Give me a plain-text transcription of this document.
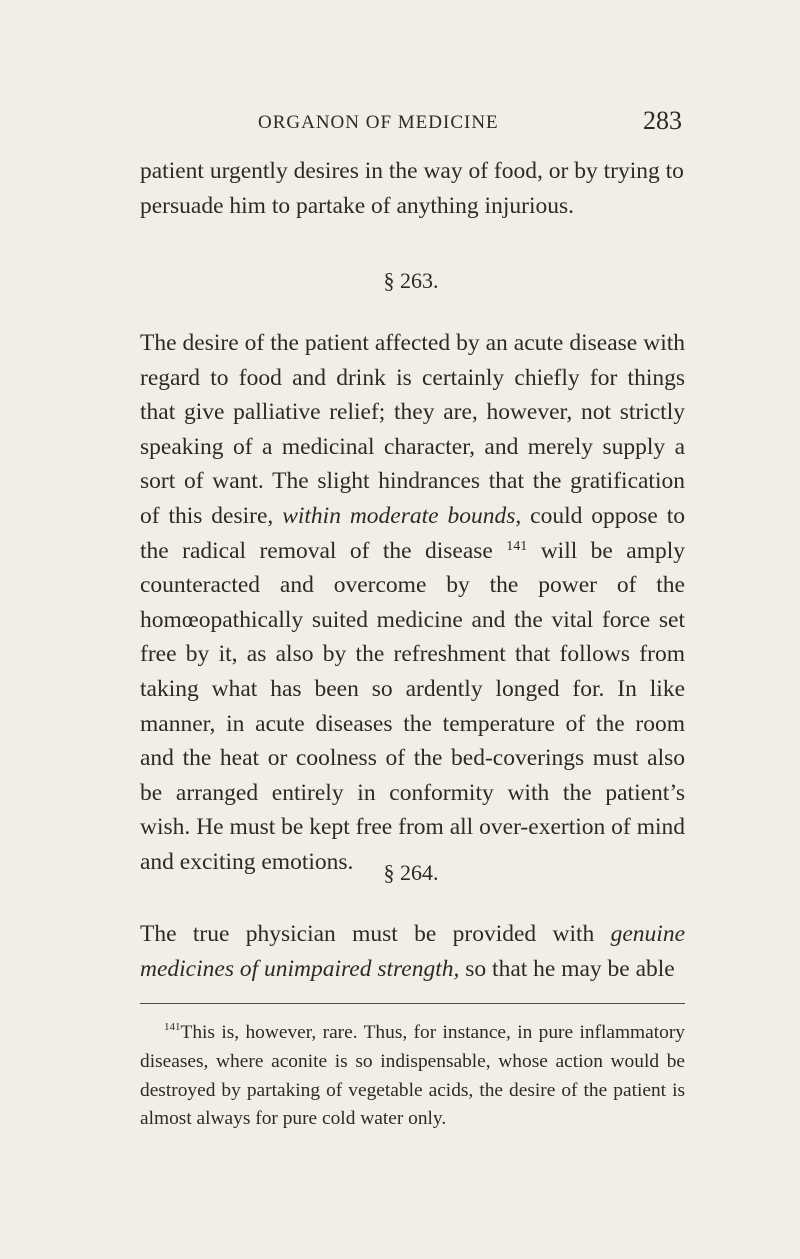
ORGANON OF MEDICINE	283

patient urgently desires in the way of food, or by trying to persuade him to partake of anything injurious.

§ 263.

The desire of the patient affected by an acute disease with regard to food and drink is certainly chiefly for things that give palliative relief; they are, however, not strictly speaking of a medicinal character, and merely supply a sort of want. The slight hindrances that the gratification of this desire, within moderate bounds, could oppose to the radical removal of the disease $^{141}$ will be amply counteracted and overcome by the power of the homœopathically suited medicine and the vital force set free by it, as also by the refreshment that follows from taking what has been so ardently longed for. In like manner, in acute diseases the temperature of the room and the heat or coolness of the bed-coverings must also be arranged entirely in conformity with the patient’s wish. He must be kept free from all over-exertion of mind and exciting emotions.	§ 264.

The true physician must be provided with genuine medicines of unimpaired strength, so that he may be able

$^{141}$This is, however, rare. Thus, for instance, in pure inflammatory diseases, where aconite is so indispensable, whose action would be destroyed by partaking of vegetable acids, the desire of the patient is almost always for pure cold water only.
